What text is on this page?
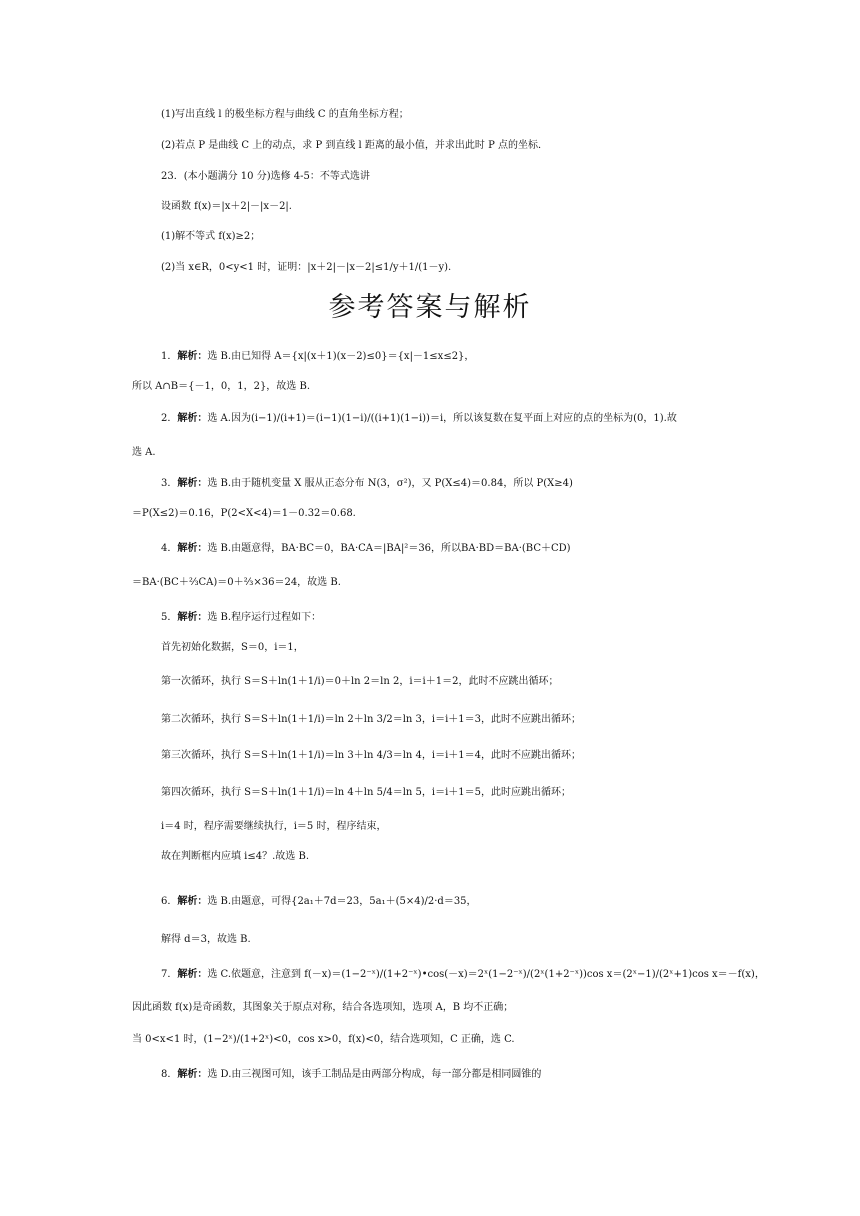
(1)写出直线 l 的极坐标方程与曲线 C 的直角坐标方程；
(2)若点 P 是曲线 C 上的动点，求 P 到直线 l 距离的最小值，并求出此时 P 点的坐标．
23．(本小题满分 10 分)选修 4-5：不等式选讲
设函数 f(x)＝|x＋2|－|x－2|.
(1)解不等式 f(x)≥2；
(2)当 x∈R，0<y<1 时，证明：|x＋2|－|x－2|≤1/y＋1/(1－y).
参考答案与解析
1．解析：选 B.由已知得 A＝{x|(x＋1)(x－2)≤0}＝{x|－1≤x≤2}，
所以 A∩B＝{－1，0，1，2}，故选 B.
2．解析：选 A.因为(i−1)/(i+1)＝(i−1)(1−i)/((i+1)(1−i))＝i，所以该复数在复平面上对应的点的坐标为(0，1).故
选 A.
3．解析：选 B.由于随机变量 X 服从正态分布 N(3，σ²)，又 P(X≤4)＝0.84，所以 P(X≥4)
＝P(X≤2)＝0.16，P(2<X<4)＝1－0.32＝0.68.
4．解析：选 B.由题意得，BA·BC＝0，BA·CA＝|BA|²＝36，所以BA·BD＝BA·(BC＋CD)
＝BA·(BC＋⅔CA)＝0＋⅔×36＝24，故选 B.
5．解析：选 B.程序运行过程如下：
首先初始化数据，S＝0，i＝1，
第一次循环，执行 S＝S＋ln(1＋1/i)＝0＋ln 2＝ln 2，i＝i＋1＝2，此时不应跳出循环；
第二次循环，执行 S＝S＋ln(1＋1/i)＝ln 2＋ln 3/2＝ln 3，i＝i＋1＝3，此时不应跳出循环；
第三次循环，执行 S＝S＋ln(1＋1/i)＝ln 3＋ln 4/3＝ln 4，i＝i＋1＝4，此时不应跳出循环；
第四次循环，执行 S＝S＋ln(1＋1/i)＝ln 4＋ln 5/4＝ln 5，i＝i＋1＝5，此时应跳出循环；
i＝4 时，程序需要继续执行，i＝5 时，程序结束，
故在判断框内应填 i≤4？.故选 B.
6．解析：选 B.由题意，可得{2a₁＋7d＝23，5a₁＋(5×4)/2·d＝35，
解得 d＝3，故选 B.
7．解析：选 C.依题意，注意到 f(－x)＝(1−2⁻ˣ)/(1+2⁻ˣ)•cos(－x)＝2ˣ(1−2⁻ˣ)/(2ˣ(1+2⁻ˣ))cos x＝(2ˣ−1)/(2ˣ+1)cos x＝－f(x)，
因此函数 f(x)是奇函数，其图象关于原点对称，结合各选项知，选项 A，B 均不正确；
当 0<x<1 时，(1−2ˣ)/(1+2ˣ)<0，cos x>0，f(x)<0，结合选项知，C 正确，选 C.
8．解析：选 D.由三视图可知，该手工制品是由两部分构成，每一部分都是相同圆锥的
